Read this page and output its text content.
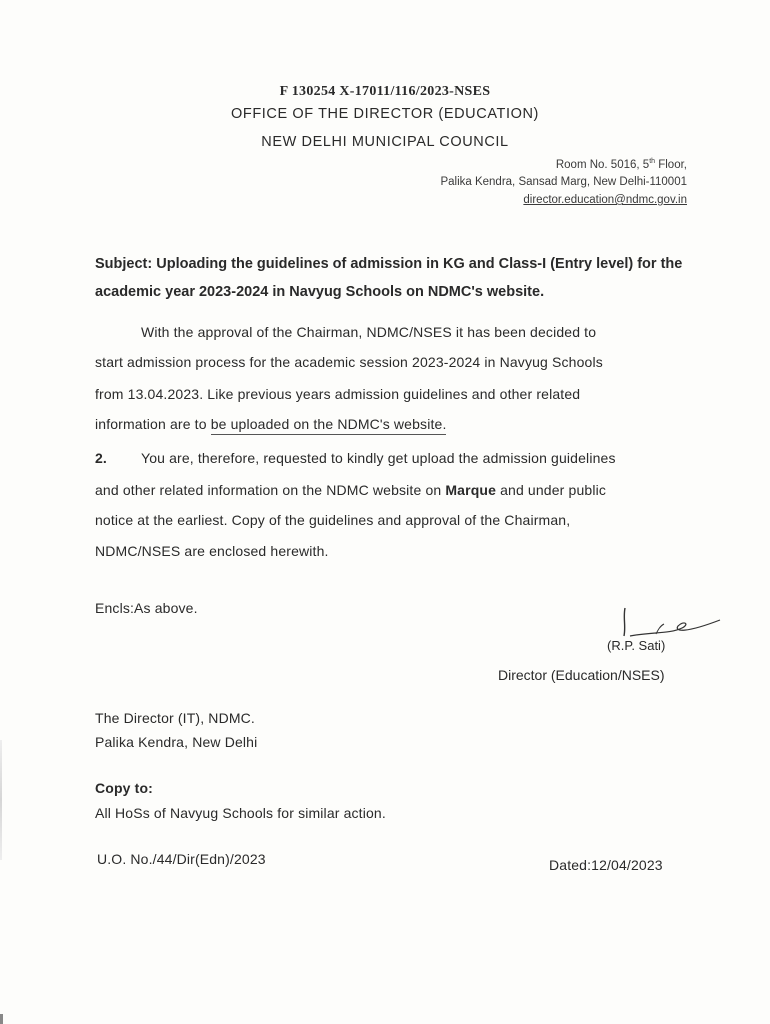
F 130254 X-17011/116/2023-NSES
OFFICE OF THE DIRECTOR (EDUCATION)
NEW DELHI MUNICIPAL COUNCIL
Room No. 5016, 5th Floor,
Palika Kendra, Sansad Marg, New Delhi-110001
director.education@ndmc.gov.in
Subject: Uploading the guidelines of admission in KG and Class-I (Entry level) for the academic year 2023-2024 in Navyug Schools on NDMC's website.
With the approval of the Chairman, NDMC/NSES it has been decided to
start admission process for the academic session 2023-2024 in Navyug Schools
from 13.04.2023. Like previous years admission guidelines and other related
information are to be uploaded on the NDMC's website.
2. You are, therefore, requested to kindly get upload the admission guidelines
and other related information on the NDMC website on Marque and under public
notice at the earliest. Copy of the guidelines and approval of the Chairman,
NDMC/NSES are enclosed herewith.
Encls:As above.
(R.P. Sati)
Director (Education/NSES)
The Director (IT), NDMC.
Palika Kendra, New Delhi
Copy to:
All HoSs of Navyug Schools for similar action.
U.O. No./44/Dir(Edn)/2023	Dated:12/04/2023
